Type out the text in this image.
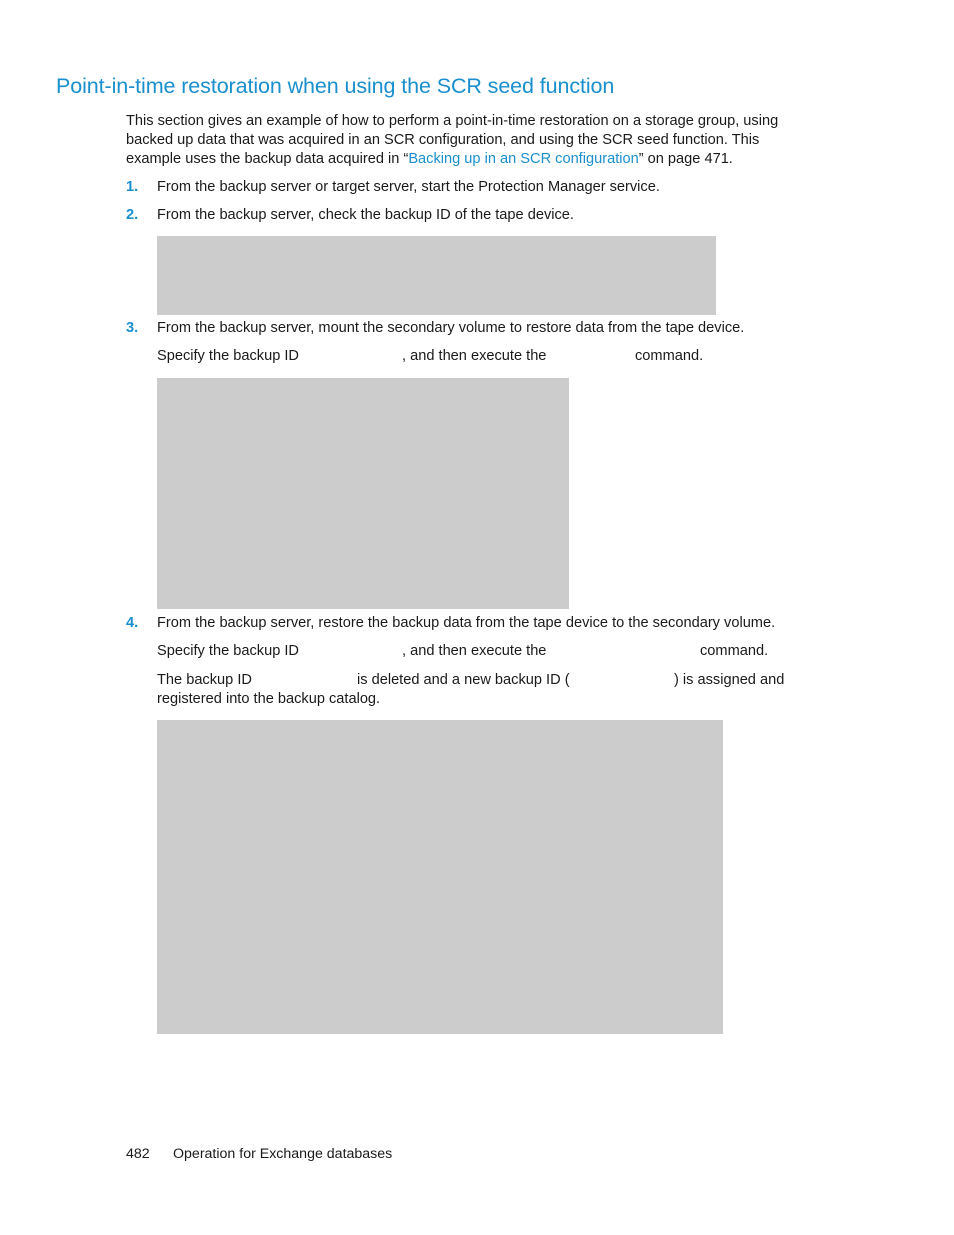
Point-in-time restoration when using the SCR seed function

This section gives an example of how to perform a point-in-time restoration on a storage group, using backed up data that was acquired in an SCR configuration, and using the SCR seed function. This example uses the backup data acquired in “Backing up in an SCR configuration” on page 471.

1. From the backup server or target server, start the Protection Manager service.
2. From the backup server, check the backup ID of the tape device.
3. From the backup server, mount the secondary volume to restore data from the tape device.
Specify the backup ID	, and then execute the	command.
4. From the backup server, restore the backup data from the tape device to the secondary volume.
Specify the backup ID	, and then execute the	command.
The backup ID	is deleted and a new backup ID (	) is assigned and
registered into the backup catalog.
482 Operation for Exchange databases
